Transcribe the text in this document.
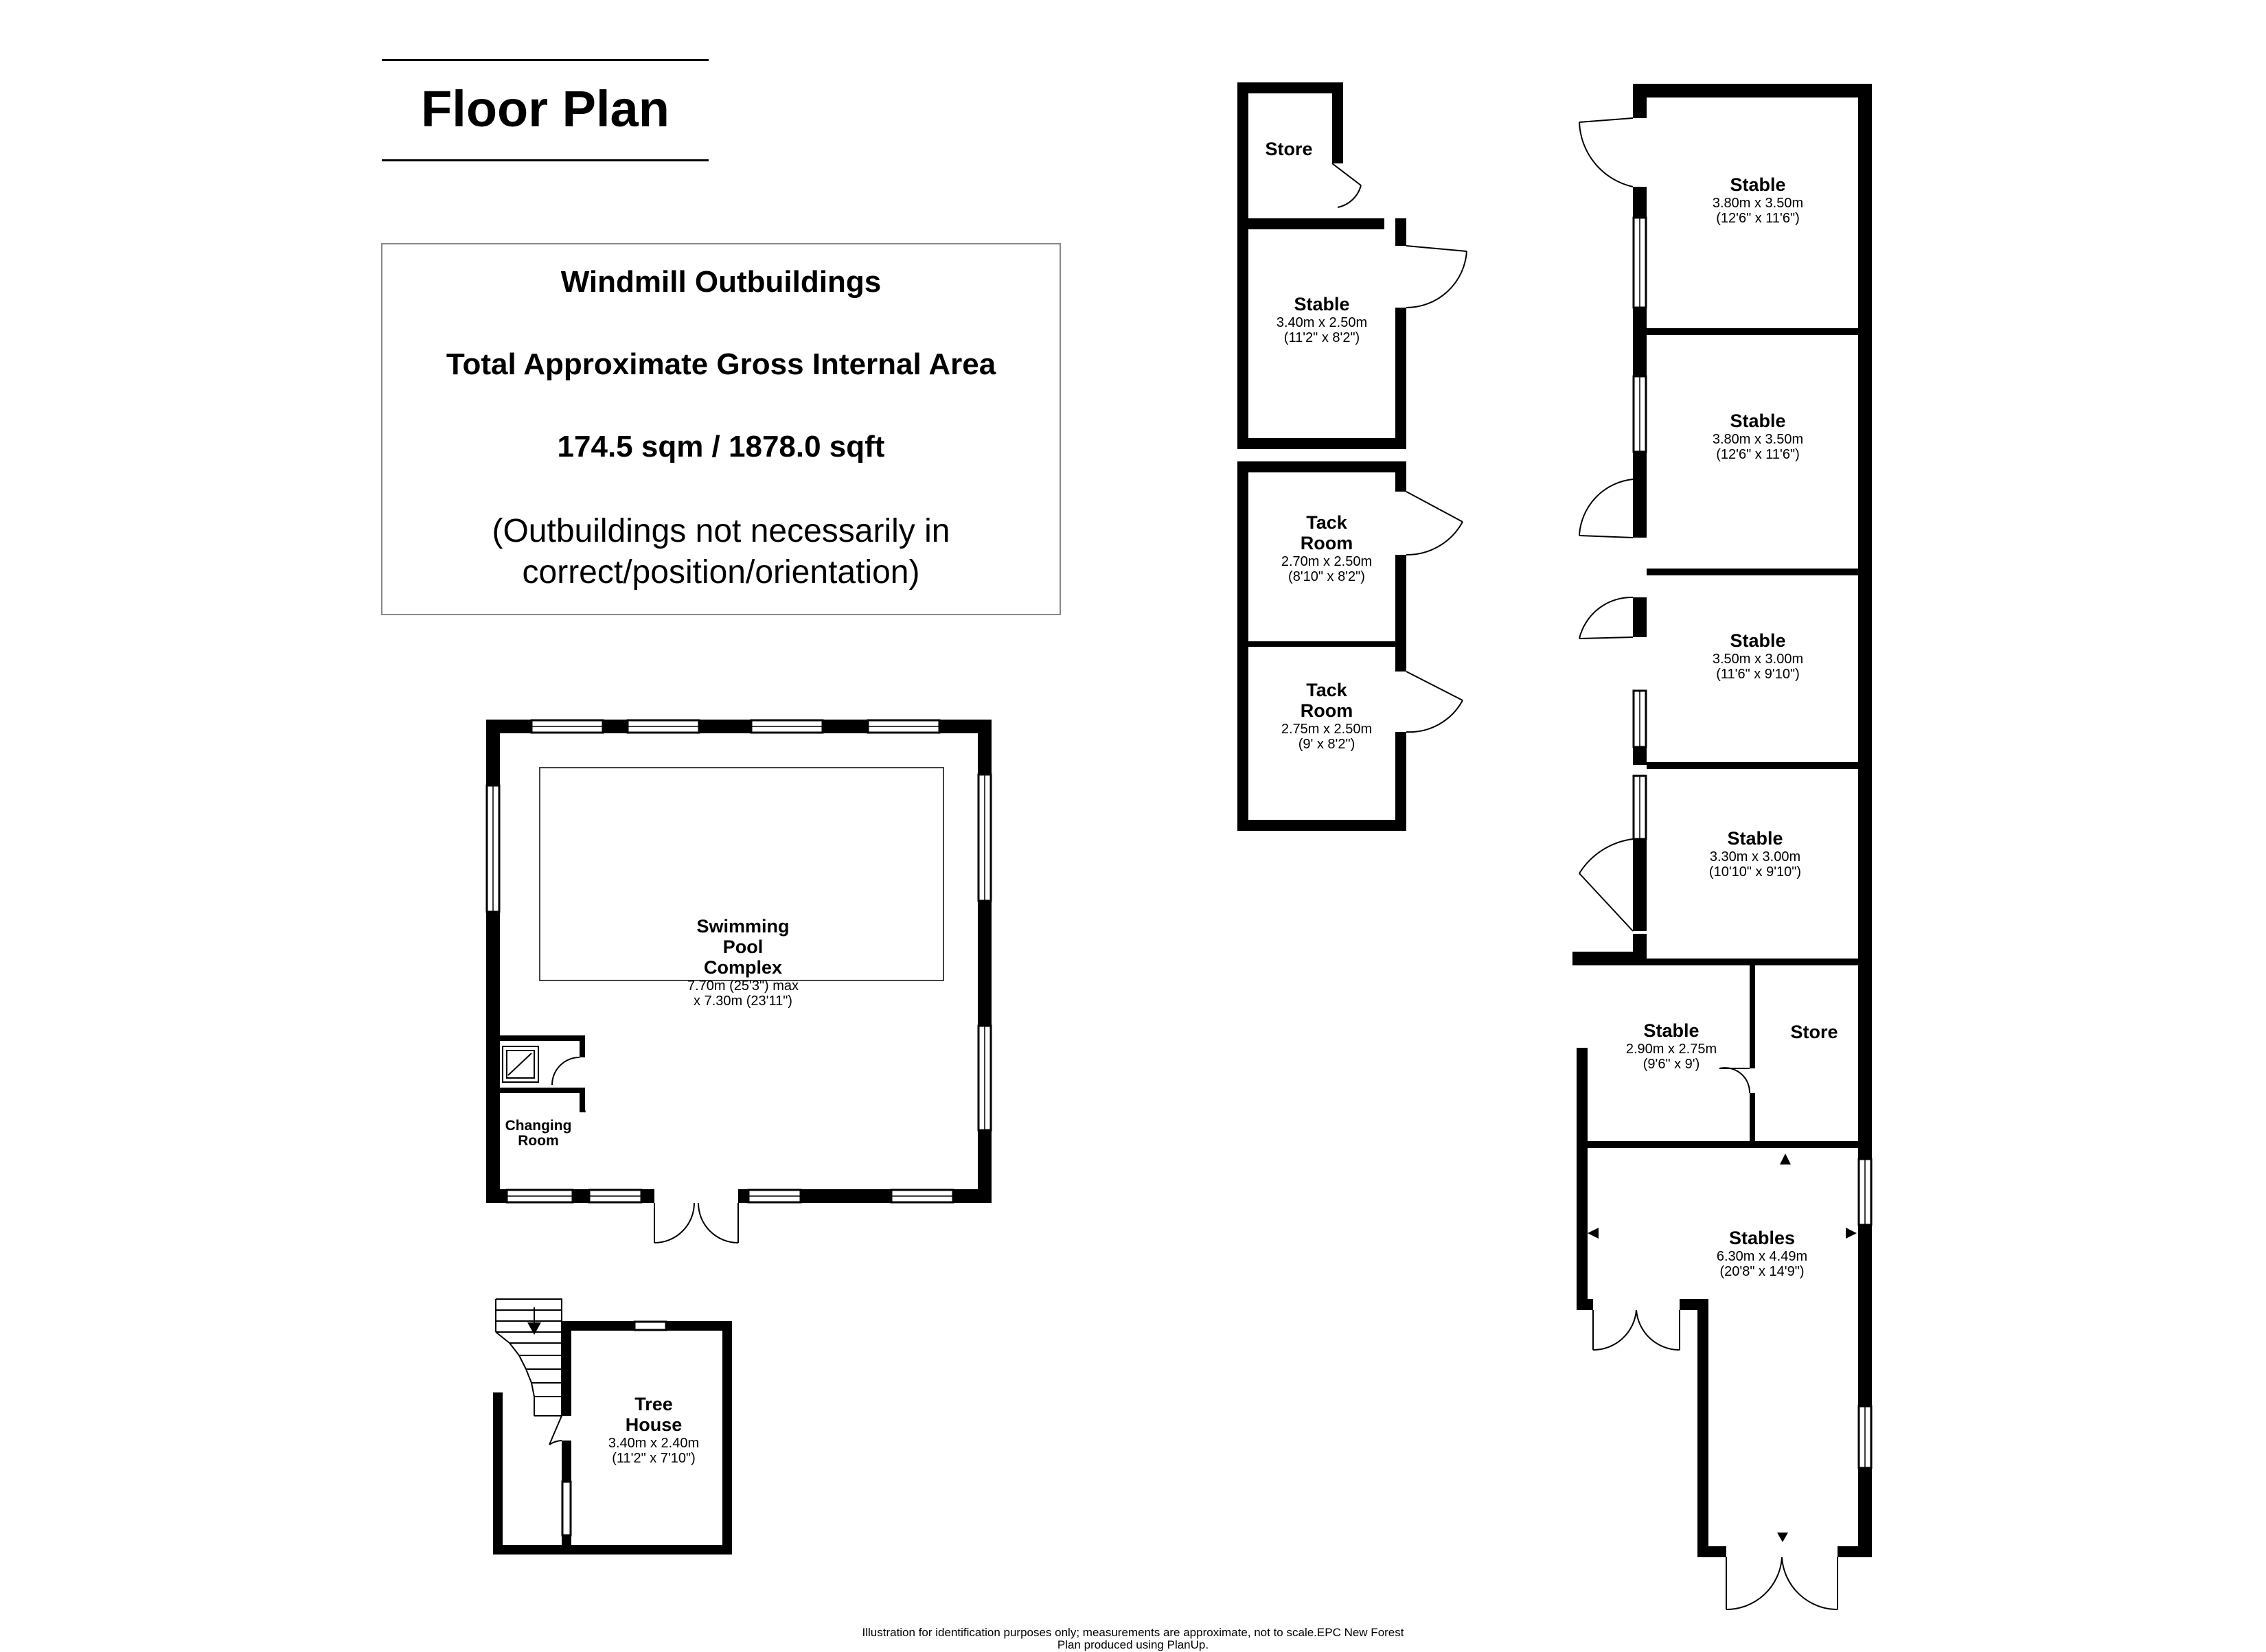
Floor Plan
Windmill Outbuildings
Total Approximate Gross Internal Area
174.5 sqm / 1878.0 sqft
(Outbuildings not necessarily in
correct/position/orientation)
Store
Stable
3.40m x 2.50m
(11'2" x 8'2")
Tack
Room
2.70m x 2.50m
(8'10" x 8'2")
Tack
Room
2.75m x 2.50m
(9' x 8'2")
Swimming
Pool
Complex
7.70m (25'3") max
x 7.30m (23'11")
Changing
Room
Tree
House
3.40m x 2.40m
(11'2" x 7'10")
Stable
3.80m x 3.50m
(12'6" x 11'6")
Stable
3.80m x 3.50m
(12'6" x 11'6")
Stable
3.50m x 3.00m
(11'6" x 9'10")
Stable
3.30m x 3.00m
(10'10" x 9'10")
Stable
2.90m x 2.75m
(9'6" x 9')
Store
Stables
6.30m x 4.49m
(20'8" x 14'9")
Illustration for identification purposes only; measurements are approximate, not to scale.EPC New Forest
Plan produced using PlanUp.
